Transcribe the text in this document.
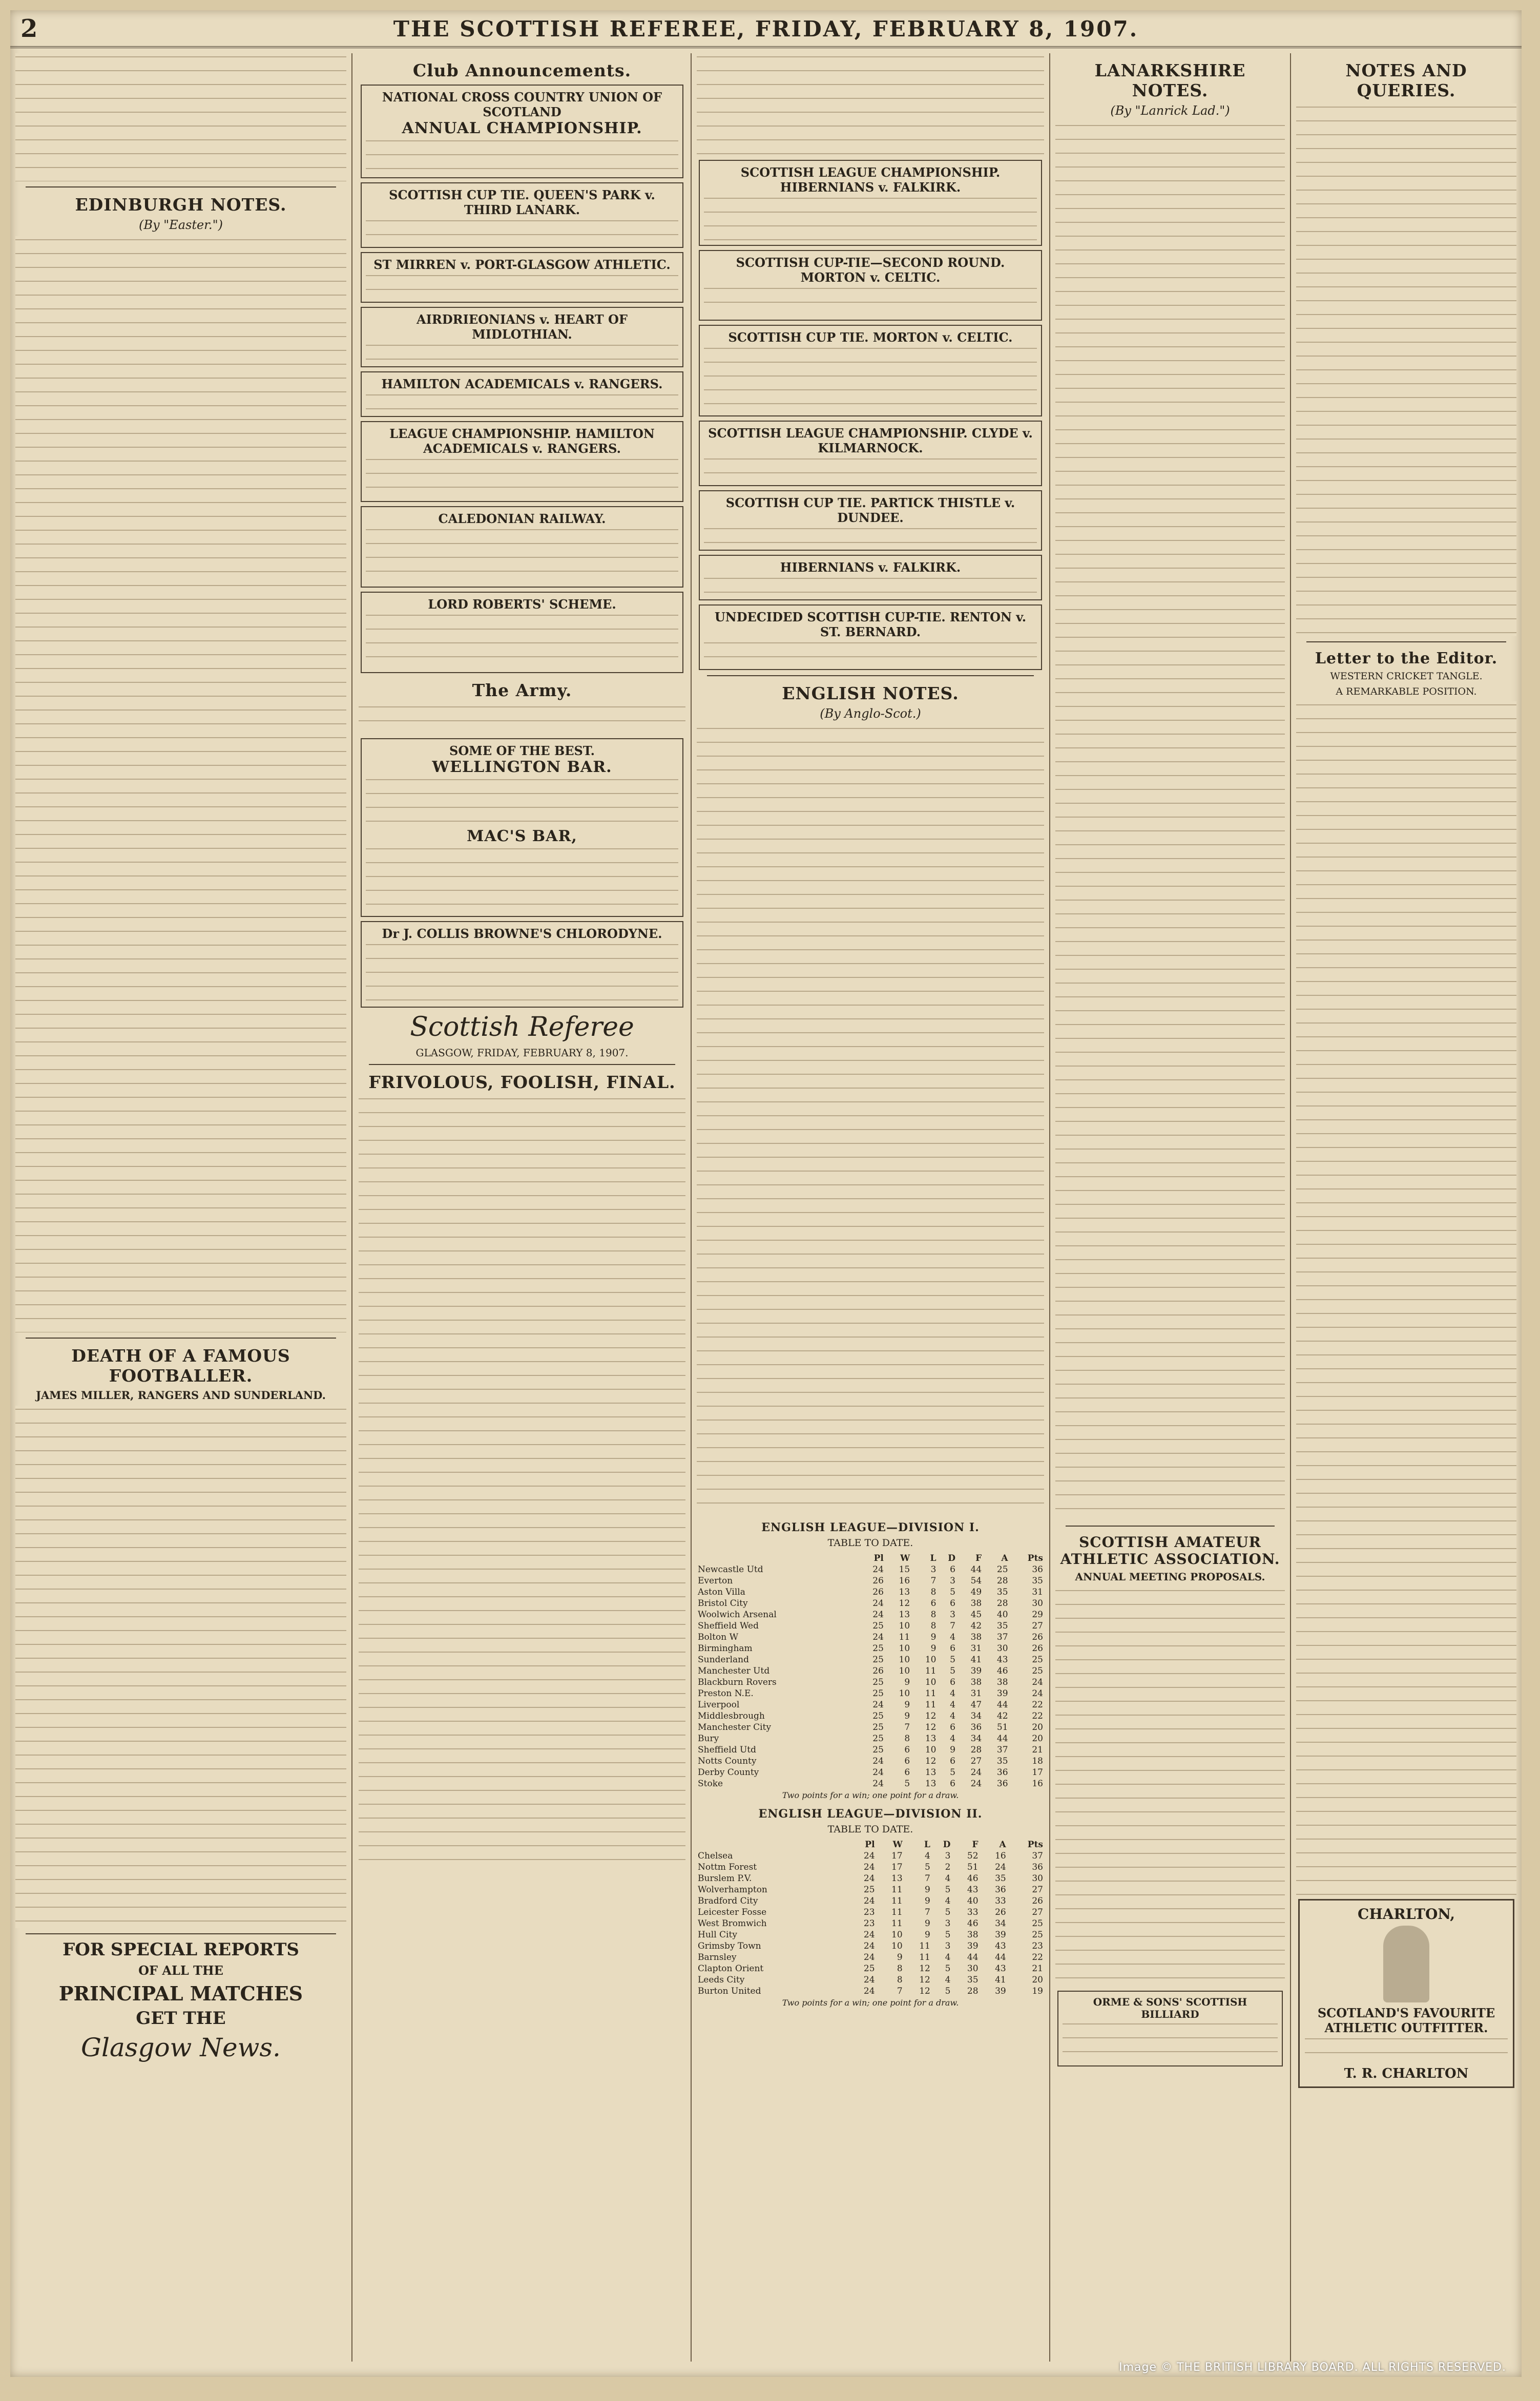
2	THE SCOTTISH REFEREE, FRIDAY, FEBRUARY 8, 1907.
EDINBURGH NOTES.
(By "Easter.")
DEATH OF A FAMOUS FOOTBALLER.
JAMES MILLER, RANGERS AND SUNDERLAND.
FOR SPECIAL REPORTS
OF ALL THE
PRINCIPAL MATCHES
GET THE
Glasgow News.
Club Announcements.
NATIONAL CROSS COUNTRY UNION OF SCOTLAND
ANNUAL CHAMPIONSHIP.
SCOTTISH CUP TIE. QUEEN'S PARK v. THIRD LANARK.
ST MIRREN v. PORT-GLASGOW ATHLETIC.
AIRDRIEONIANS v. HEART OF MIDLOTHIAN.
HAMILTON ACADEMICALS v. RANGERS.
LEAGUE CHAMPIONSHIP. HAMILTON ACADEMICALS v. RANGERS.
CALEDONIAN RAILWAY.
LORD ROBERTS' SCHEME.
The Army.
SOME OF THE BEST.
WELLINGTON BAR.
MAC'S BAR,
Dr J. COLLIS BROWNE'S CHLORODYNE.
Scottish Referee
GLASGOW, FRIDAY, FEBRUARY 8, 1907.
FRIVOLOUS, FOOLISH, FINAL.
SCOTTISH LEAGUE CHAMPIONSHIP. HIBERNIANS v. FALKIRK.
SCOTTISH CUP-TIE—SECOND ROUND. MORTON v. CELTIC.
SCOTTISH CUP TIE. MORTON v. CELTIC.
SCOTTISH LEAGUE CHAMPIONSHIP. CLYDE v. KILMARNOCK.
SCOTTISH CUP TIE. PARTICK THISTLE v. DUNDEE.
HIBERNIANS v. FALKIRK.
UNDECIDED SCOTTISH CUP-TIE. RENTON v. ST. BERNARD.
ENGLISH NOTES.
(By Anglo-Scot.)
ENGLISH LEAGUE—DIVISION I.
TABLE TO DATE.
	Pl	W	L	D	F	A	Pts
Newcastle Utd	24	15	3	6	44	25	36
Everton	26	16	7	3	54	28	35
Aston Villa	26	13	8	5	49	35	31
Bristol City	24	12	6	6	38	28	30
Woolwich Arsenal	24	13	8	3	45	40	29
Sheffield Wed	25	10	8	7	42	35	27
Bolton W	24	11	9	4	38	37	26
Birmingham	25	10	9	6	31	30	26
Sunderland	25	10	10	5	41	43	25
Manchester Utd	26	10	11	5	39	46	25
Blackburn Rovers	25	9	10	6	38	38	24
Preston N.E.	25	10	11	4	31	39	24
Liverpool	24	9	11	4	47	44	22
Middlesbrough	25	9	12	4	34	42	22
Manchester City	25	7	12	6	36	51	20
Bury	25	8	13	4	34	44	20
Sheffield Utd	25	6	10	9	28	37	21
Notts County	24	6	12	6	27	35	18
Derby County	24	6	13	5	24	36	17
Stoke	24	5	13	6	24	36	16
Two points for a win; one point for a draw.
ENGLISH LEAGUE—DIVISION II.
TABLE TO DATE.
	Pl	W	L	D	F	A	Pts
Chelsea	24	17	4	3	52	16	37
Nottm Forest	24	17	5	2	51	24	36
Burslem P.V.	24	13	7	4	46	35	30
Wolverhampton	25	11	9	5	43	36	27
Bradford City	24	11	9	4	40	33	26
Leicester Fosse	23	11	7	5	33	26	27
West Bromwich	23	11	9	3	46	34	25
Hull City	24	10	9	5	38	39	25
Grimsby Town	24	10	11	3	39	43	23
Barnsley	24	9	11	4	44	44	22
Clapton Orient	25	8	12	5	30	43	21
Leeds City	24	8	12	4	35	41	20
Burton United	24	7	12	5	28	39	19
Two points for a win; one point for a draw.
LANARKSHIRE NOTES.
(By "Lanrick Lad.")
SCOTTISH AMATEUR ATHLETIC ASSOCIATION.
ANNUAL MEETING PROPOSALS.
ORME & SONS' SCOTTISH BILLIARD
NOTES AND QUERIES.
Letter to the Editor.
WESTERN CRICKET TANGLE.
A REMARKABLE POSITION.
CHARLTON,
SCOTLAND'S FAVOURITE ATHLETIC OUTFITTER.
T. R. CHARLTON
Image © THE BRITISH LIBRARY BOARD. ALL RIGHTS RESERVED.
